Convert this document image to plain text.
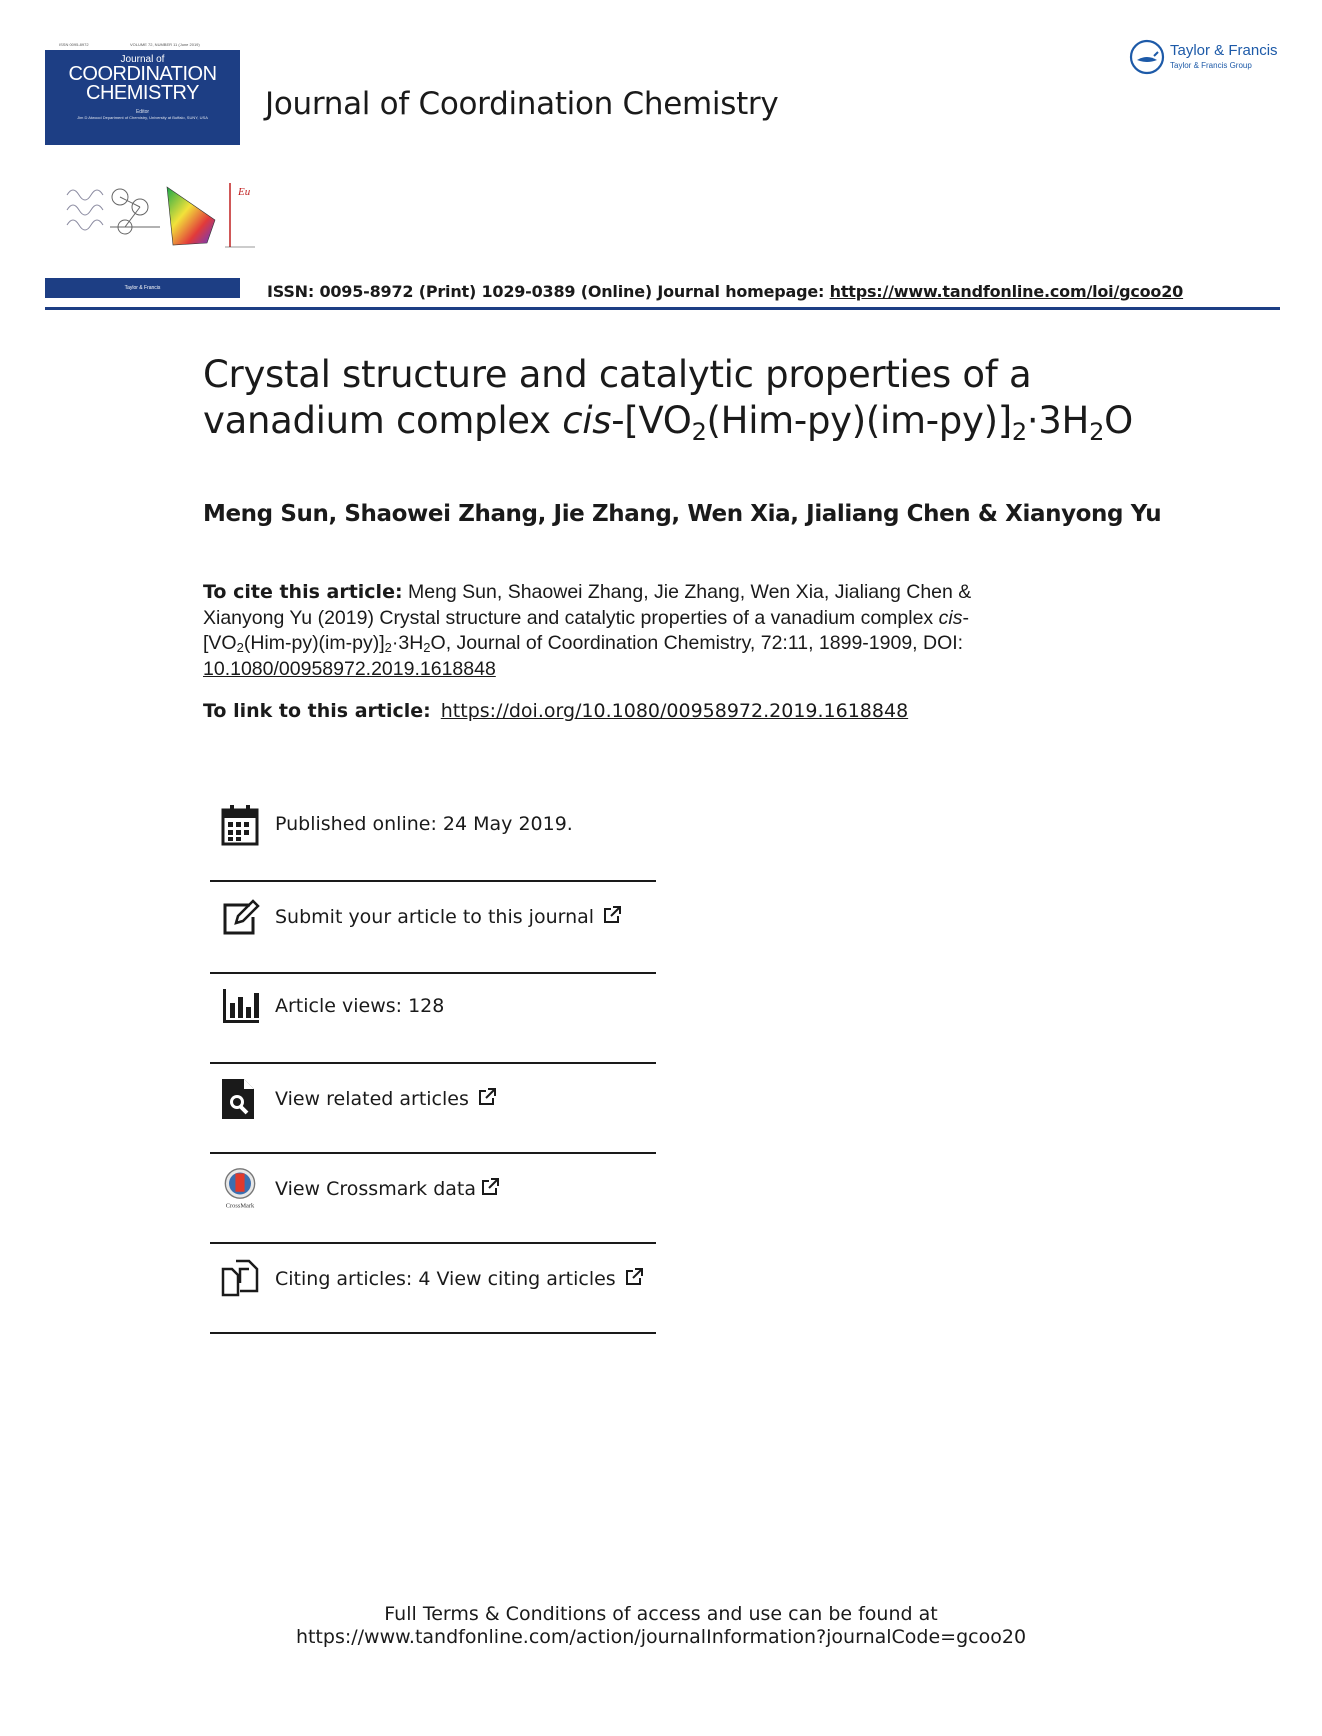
ISSN 0095-8972	VOLUME 72, NUMBER 11 (June 2019)
Journal of
COORDINATION
CHEMISTRY
Editor
Jim D Atwood Department of Chemistry, University at Buffalo, SUNY, USA
Eu
Taylor & Francis
Journal of Coordination Chemistry
Taylor & Francis
Taylor & Francis Group
ISSN: 0095-8972 (Print) 1029-0389 (Online) Journal homepage: https://www.tandfonline.com/loi/gcoo20
Crystal structure and catalytic properties of a
vanadium complex cis-$[VO_2(Him-py)(im-py)]_2\cdot 3H_2O$
Meng Sun, Shaowei Zhang, Jie Zhang, Wen Xia, Jialiang Chen & Xianyong Yu
To cite this article: Meng Sun, Shaowei Zhang, Jie Zhang, Wen Xia, Jialiang Chen &
Xianyong Yu (2019) Crystal structure and catalytic properties of a vanadium complex cis-
$[VO_2(Him-py)(im-py)]_2\cdot 3H_2O$, Journal of Coordination Chemistry, 72:11, 1899-1909, DOI:
10.1080/00958972.2019.1618848
To link to this article: https://doi.org/10.1080/00958972.2019.1618848
Published online: 24 May 2019.
Submit your article to this journal
Article views: 128
View related articles
CrossMark
View Crossmark data
Citing articles: 4 View citing articles
Full Terms & Conditions of access and use can be found at
https://www.tandfonline.com/action/journalInformation?journalCode=gcoo20
